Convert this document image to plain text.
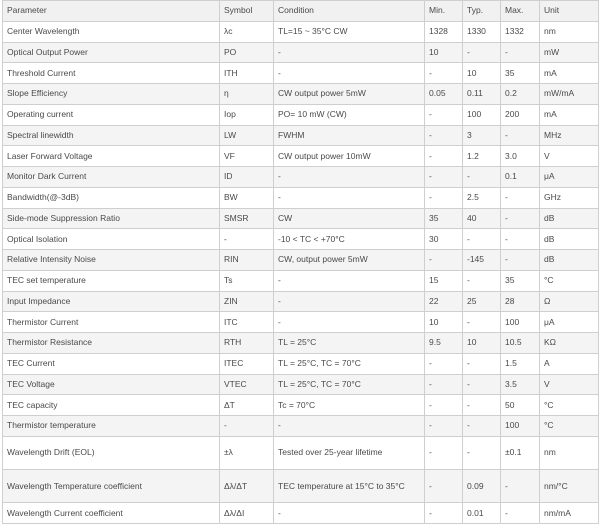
Parameter	Symbol	Condition	Min.	Typ.	Max.	Unit
Center Wavelength	λc	TL=15 ~ 35°C CW	1328	1330	1332	nm
Optical Output Power	PO	-	10	-	-	mW
Threshold Current	ITH	-	-	10	35	mA
Slope Efficiency	η	CW output power 5mW	0.05	0.11	0.2	mW/mA
Operating current	Iop	PO= 10 mW (CW)	-	100	200	mA
Spectral linewidth	LW	FWHM	-	3	-	MHz
Laser Forward Voltage	VF	CW output power 10mW	-	1.2	3.0	V
Monitor Dark Current	ID	-	-	-	0.1	μA
Bandwidth(@-3dB)	BW	-	-	2.5	-	GHz
Side-mode Suppression Ratio	SMSR	CW	35	40	-	dB
Optical Isolation	-	-10 < TC < +70°C	30	-	-	dB
Relative Intensity Noise	RIN	CW, output power 5mW	-	-145	-	dB
TEC set temperature	Ts	-	15	-	35	°C
Input Impedance	ZIN	-	22	25	28	Ω
Thermistor Current	ITC	-	10	-	100	μA
Thermistor Resistance	RTH	TL = 25°C	9.5	10	10.5	KΩ
TEC Current	ITEC	TL = 25°C, TC = 70°C	-	-	1.5	A
TEC Voltage	VTEC	TL = 25°C, TC = 70°C	-	-	3.5	V
TEC capacity	ΔT	Tc = 70°C	-	-	50	°C
Thermistor temperature	-	-	-	-	100	°C
Wavelength Drift (EOL)	±λ	Tested over 25-year lifetime	-	-	±0.1	nm
Wavelength Temperature coefficient	Δλ/ΔT	TEC temperature at 15°C to 35°C	-	0.09	-	nm/°C
Wavelength Current coefficient	Δλ/ΔI	-	-	0.01	-	nm/mA
